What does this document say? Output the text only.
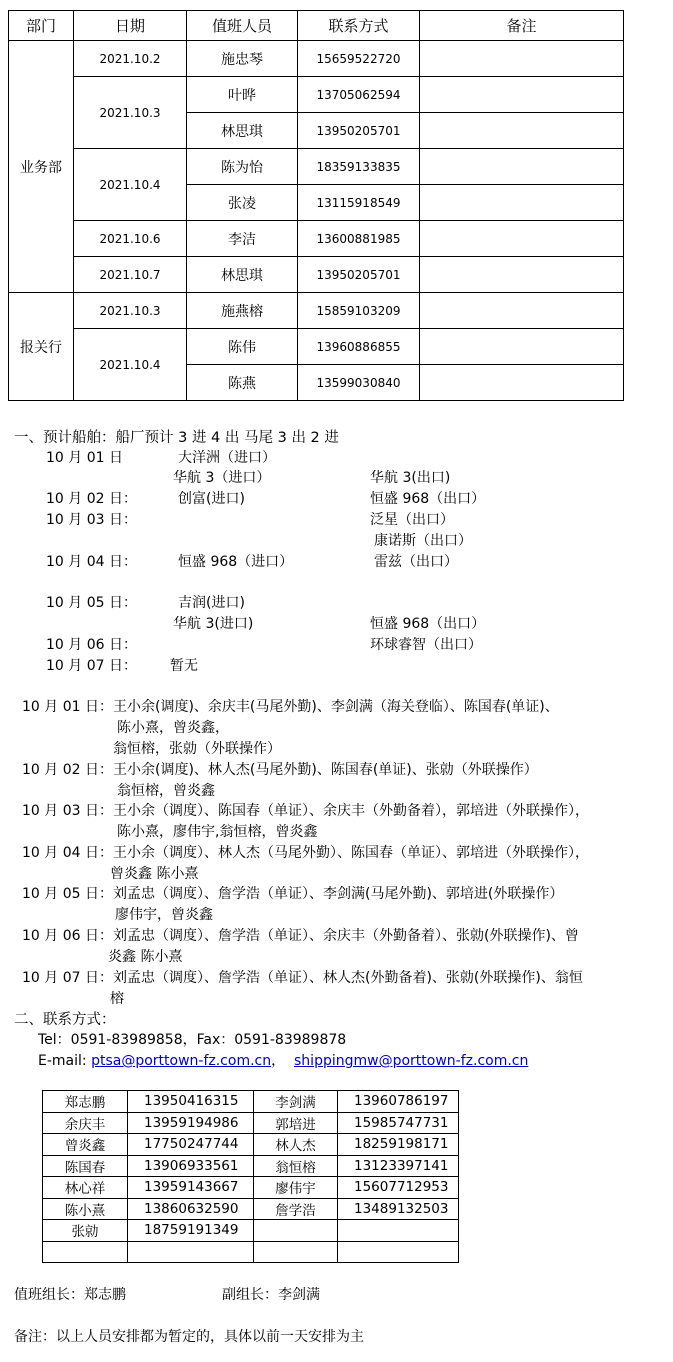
部门	日期	值班人员	联系方式	备注
业务部	2021.10.2	施忠琴	15659522720	
	2021.10.3	叶晔	13705062594	
		林思琪	13950205701	
	2021.10.4	陈为怡	18359133835	
		张凌	13115918549	
	2021.10.6	李洁	13600881985	
	2021.10.7	林思琪	13950205701	
报关行	2021.10.3	施燕榕	15859103209	
	2021.10.4	陈伟	13960886855	
		陈燕	13599030840	
一、预计船舶：船厂预计 3 进 4 出 马尾 3 出 2 进
10 月 01 日	大洋洲（进口）
华航 3（进口）	华航 3(出口)
10 月 02 日：	创富(进口)	恒盛 968（出口）
10 月 03 日：	泛星（出口）
康诺斯（出口）
10 月 04 日：	恒盛 968（进口）	雷兹（出口）
10 月 05 日：	吉润(进口)
华航 3(进口)	恒盛 968（出口）
10 月 06 日：	环球睿智（出口）
10 月 07 日： 暂无
10 月 01 日：王小余(调度)、余庆丰(马尾外勤)、李剑满（海关登临）、陈国春(单证)、
陈小熹，曾炎鑫，
翁恒榕，张勍（外联操作）
10 月 02 日：王小余(调度)、林人杰(马尾外勤)、陈国春(单证)、张勍（外联操作）
翁恒榕，曾炎鑫
10 月 03 日：王小余（调度）、陈国春（单证）、余庆丰（外勤备着），郭培进（外联操作），
陈小熹，廖伟宇,翁恒榕，曾炎鑫
10 月 04 日：王小余（调度）、林人杰（马尾外勤）、陈国春（单证）、郭培进（外联操作），
曾炎鑫 陈小熹
10 月 05 日：刘孟忠（调度）、詹学浩（单证）、李剑满(马尾外勤)、郭培进(外联操作）
廖伟宇，曾炎鑫
10 月 06 日：刘孟忠（调度）、詹学浩（单证）、余庆丰（外勤备着）、张勍(外联操作)、曾
炎鑫 陈小熹
10 月 07 日：刘孟忠（调度）、詹学浩（单证）、林人杰(外勤备着)、张勍(外联操作)、翁恒
榕
二、联系方式：
Tel：0591-83989858，Fax：0591-83989878
E-mail: ptsa@porttown-fz.com.cn， shippingmw@porttown-fz.com.cn
郑志鹏	13950416315	李剑满	13960786197
余庆丰	13959194986	郭培进	15985747731
曾炎鑫	17750247744	林人杰	18259198171
陈国春	13906933561	翁恒榕	13123397141
林心祥	13959143667	廖伟宇	15607712953
陈小熹	13860632590	詹学浩	13489132503
张勍	18759191349		

值班组长：郑志鹏	副组长：李剑满
备注：以上人员安排都为暂定的，具体以前一天安排为主
